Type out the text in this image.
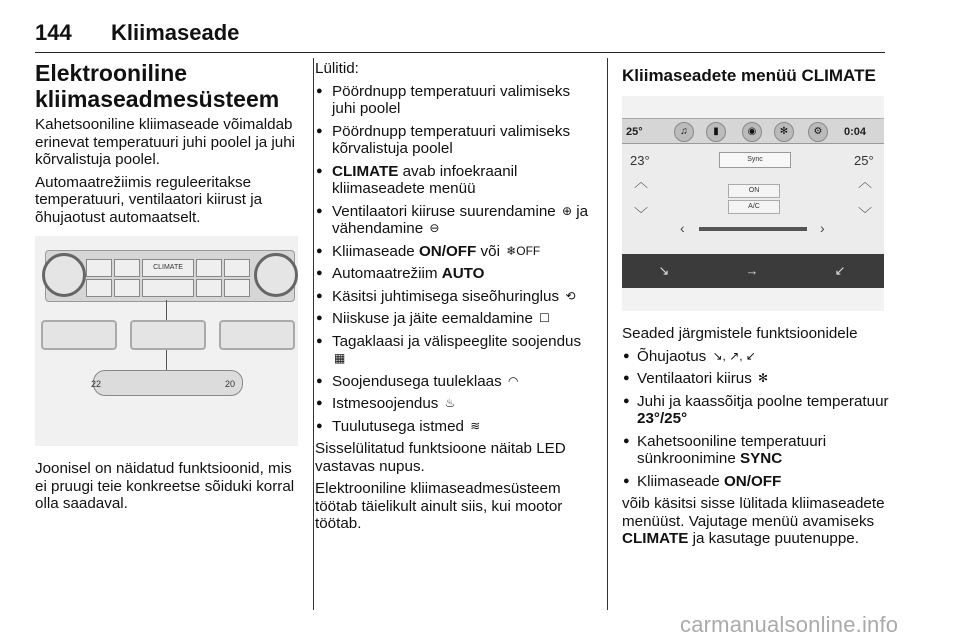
144 Kliimaseade
Elektrooniline kliimaseadmesüsteem

Kahetsooniline kliimaseade võimaldab erinevat temperatuuri juhi poolel ja juhi kõrvalistuja poolel.

Automaatrežiimis reguleeritakse temperatuuri, ventilaatori kiirust ja õhujaotust automaatselt.

CLIMATE
22	20

Joonisel on näidatud funktsioonid, mis ei pruugi teie konkreetse sõiduki korral olla saadaval.

Lülitid:

● Pöördnupp temperatuuri valimiseks juhi poolel
● Pöördnupp temperatuuri valimiseks kõrvalistuja poolel
● CLIMATE avab infoekraanil kliimaseadete menüü
● Ventilaatori kiiruse suurendamine ⊕ ja vähendamine ⊖
● Kliimaseade ON/OFF või ❄OFF
● Automaatrežiim AUTO
● Käsitsi juhtimisega siseõhuringlus ⟲
● Niiskuse ja jäite eemaldamine ☐
● Tagaklaasi ja välispeeglite soojendus ▦
● Soojendusega tuuleklaas ◠
● Istmesoojendus ♨
● Tuulutusega istmed ≋

Sisselülitatud funktsioone näitab LED vastavas nupus.

Elektrooniline kliimaseadmesüsteem töötab täielikult ainult siis, kui mootor töötab.

Kliimaseadete menüü CLIMATE
25°	♫	▮	◉	✻	⚙	0:04
23°	25°
︿
﹀
︿
﹀
Sync
ON
A/C
‹	›
↘	→	↙

Seaded järgmistele funktsioonidele

● Õhujaotus ↘, ↗, ↙
● Ventilaatori kiirus ✻
● Juhi ja kaassõitja poolne temperatuur 23°/25°
● Kahetsooniline temperatuuri sünkroonimine SYNC
● Kliimaseade ON/OFF

võib käsitsi sisse lülitada kliimaseadete menüüst. Vajutage menüü avamiseks CLIMATE ja kasutage puutenuppe.

carmanualsonline.info
